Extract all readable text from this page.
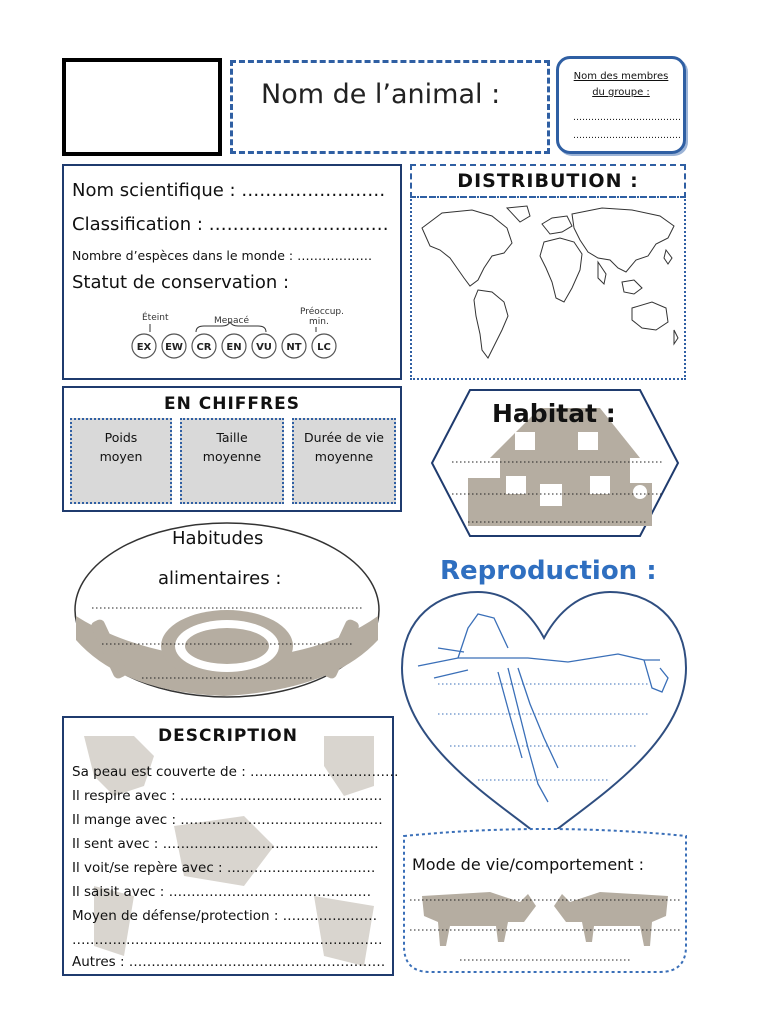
Nom de l’animal :
Nom des membres
du groupe :
………………………………
………………………………
Nom scientifique : ……………………
Classification : …………………………
Nombre d’espèces dans le monde : ………………
Statut de conservation :
Éteint	Menacé
Préoccup.
min.
EX EW CR EN VU NT LC
DISTRIBUTION :
EN CHIFFRES
Poids
moyen
Taille
moyenne
Durée de vie
moyenne
Habitat :
Habitudes
alimentaires :	Reproduction :
DESCRIPTION
Sa peau est couverte de : ……………………………
Il respire avec : ………………………………………
Il mange avec : ………………………………………
Il sent avec : …………………………………………
Il voit/se repère avec : ……………………………
Il saisit avec : ………………………………………
Moyen de défense/protection : …………………
……………………………………………………………
Autres : …………………………………………………
Mode de vie/comportement :
